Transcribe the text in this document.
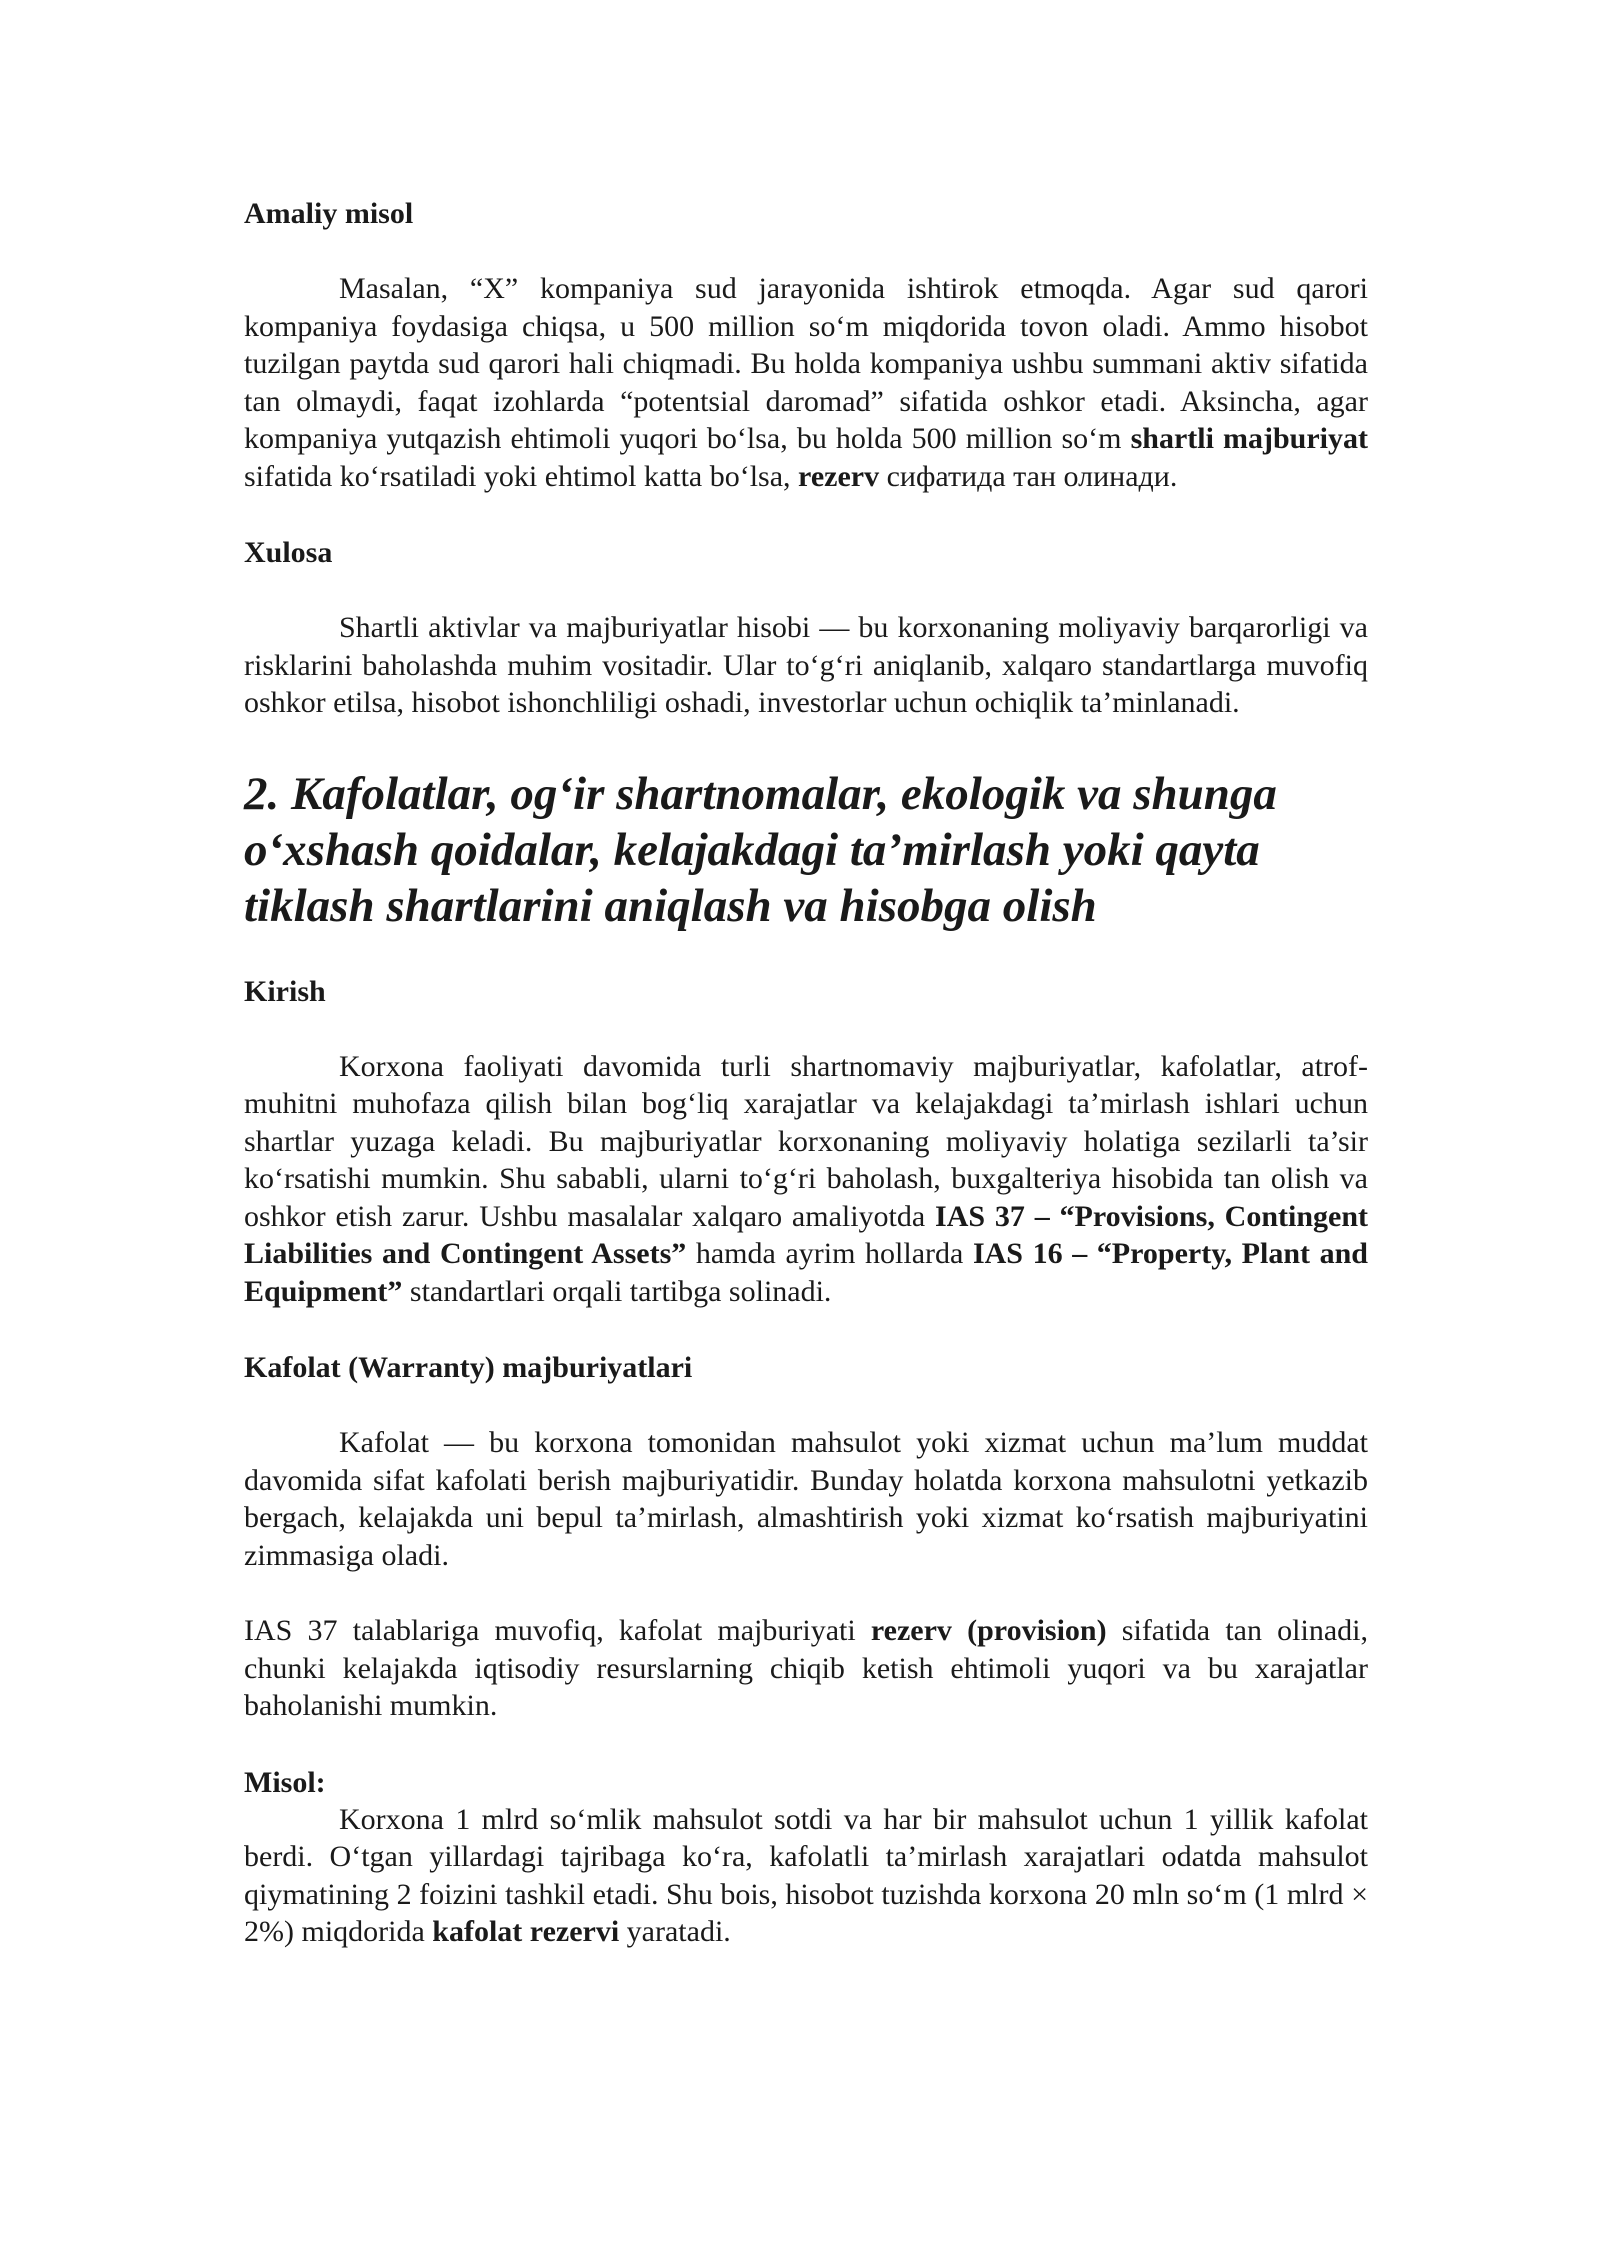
Amaliy misol

Masalan, “X” kompaniya sud jarayonida ishtirok etmoqda. Agar sud qarori kompaniya foydasiga chiqsa, u 500 million so‘m miqdorida tovon oladi. Ammo hisobot tuzilgan paytda sud qarori hali chiqmadi. Bu holda kompaniya ushbu summani aktiv sifatida tan olmaydi, faqat izohlarda “potentsial daromad” sifatida oshkor etadi. Aksincha, agar kompaniya yutqazish ehtimoli yuqori bo‘lsa, bu holda 500 million so‘m shartli majburiyat sifatida ko‘rsatiladi yoki ehtimol katta bo‘lsa, rezerv сифатида тан олинади.

Xulosa

Shartli aktivlar va majburiyatlar hisobi — bu korxonaning moliyaviy barqarorligi va risklarini baholashda muhim vositadir. Ular to‘g‘ri aniqlanib, xalqaro standartlarga muvofiq oshkor etilsa, hisobot ishonchliligi oshadi, investorlar uchun ochiqlik ta’minlanadi.

2. Kafolatlar, og‘ir shartnomalar, ekologik va shunga o‘xshash qoidalar, kelajakdagi ta’mirlash yoki qayta tiklash shartlarini aniqlash va hisobga olish
Kirish

Korxona faoliyati davomida turli shartnomaviy majburiyatlar, kafolatlar, atrof-muhitni muhofaza qilish bilan bog‘liq xarajatlar va kelajakdagi ta’mirlash ishlari uchun shartlar yuzaga keladi. Bu majburiyatlar korxonaning moliyaviy holatiga sezilarli ta’sir ko‘rsatishi mumkin. Shu sababli, ularni to‘g‘ri baholash, buxgalteriya hisobida tan olish va oshkor etish zarur. Ushbu masalalar xalqaro amaliyotda IAS 37 – “Provisions, Contingent Liabilities and Contingent Assets” hamda ayrim hollarda IAS 16 – “Property, Plant and Equipment” standartlari orqali tartibga solinadi.

Kafolat (Warranty) majburiyatlari

Kafolat — bu korxona tomonidan mahsulot yoki xizmat uchun ma’lum muddat davomida sifat kafolati berish majburiyatidir. Bunday holatda korxona mahsulotni yetkazib bergach, kelajakda uni bepul ta’mirlash, almashtirish yoki xizmat ko‘rsatish majburiyatini zimmasiga oladi.

IAS 37 talablariga muvofiq, kafolat majburiyati rezerv (provision) sifatida tan olinadi, chunki kelajakda iqtisodiy resurslarning chiqib ketish ehtimoli yuqori va bu xarajatlar baholanishi mumkin.

Misol:

Korxona 1 mlrd so‘mlik mahsulot sotdi va har bir mahsulot uchun 1 yillik kafolat berdi. O‘tgan yillardagi tajribaga ko‘ra, kafolatli ta’mirlash xarajatlari odatda mahsulot qiymatining 2 foizini tashkil etadi. Shu bois, hisobot tuzishda korxona 20 mln so‘m (1 mlrd × 2%) miqdorida kafolat rezervi yaratadi.
